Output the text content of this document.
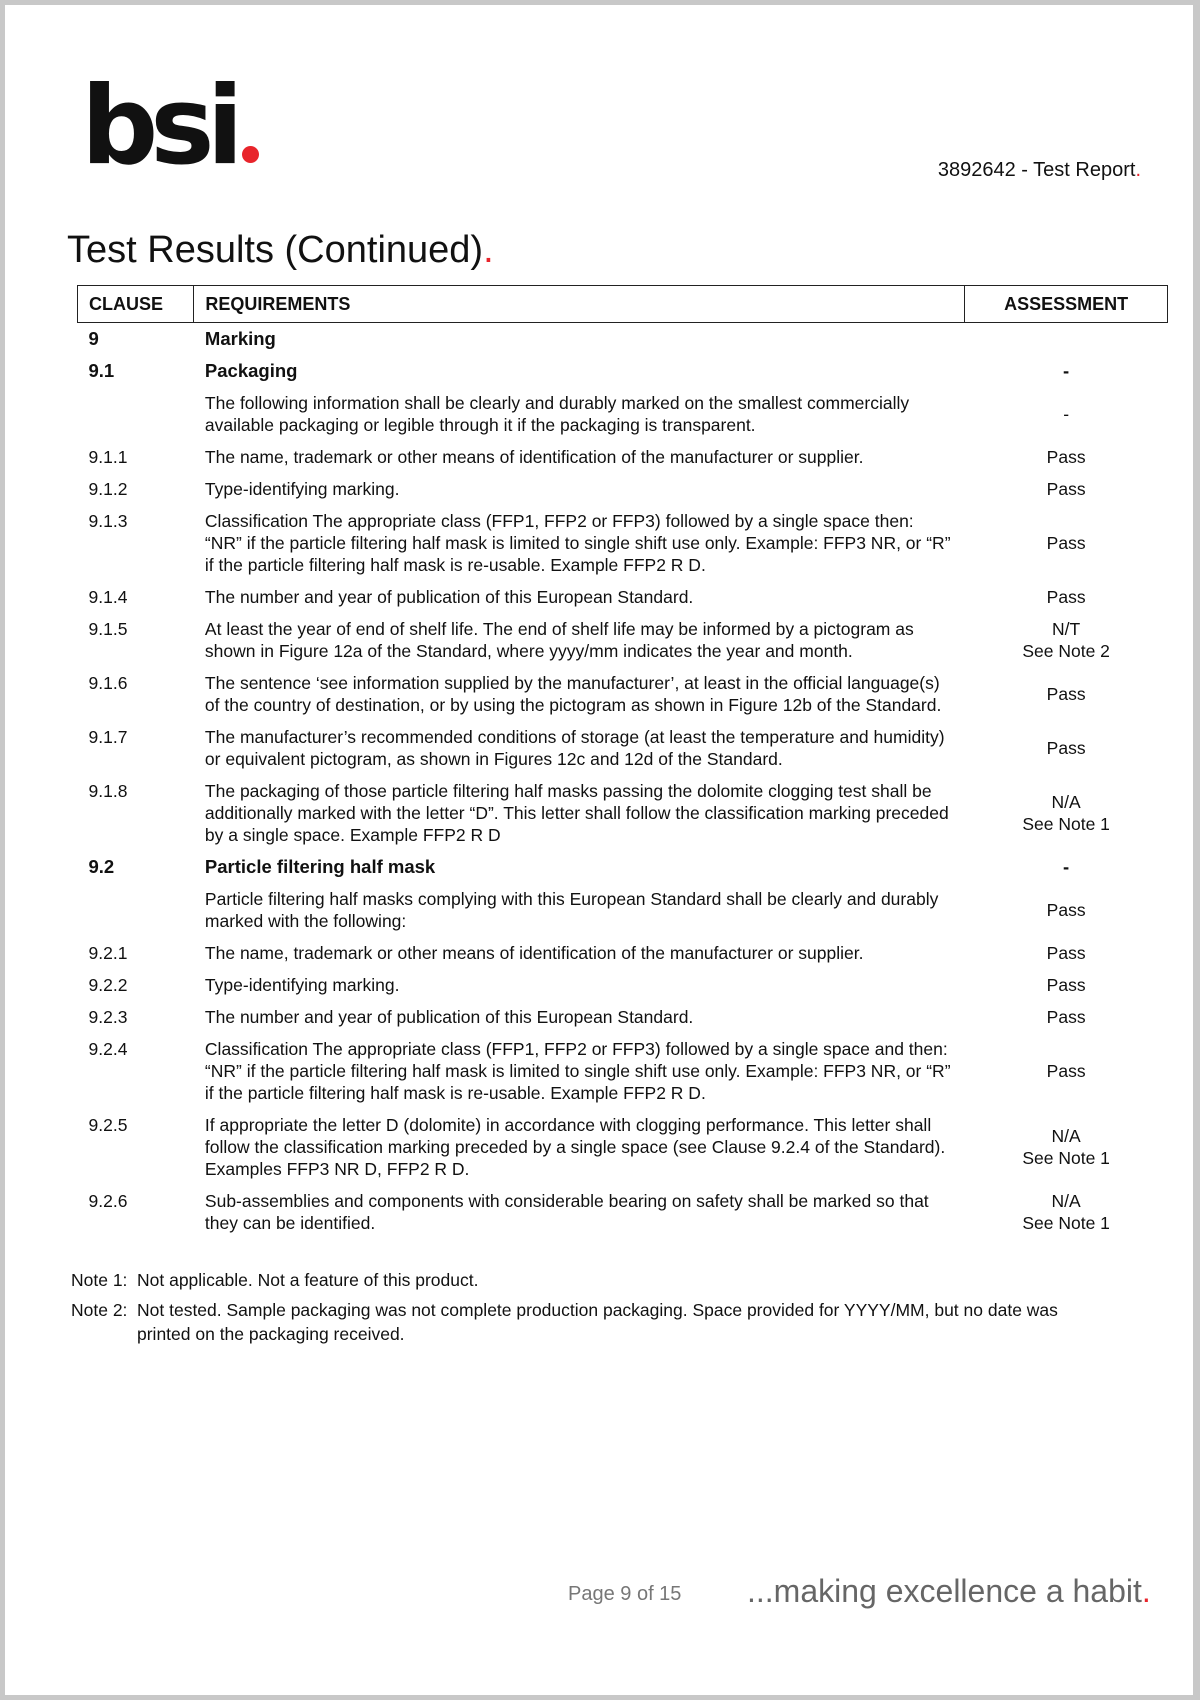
bsi	3892642 - Test Report.
Test Results (Continued).
CLAUSE	REQUIREMENTS	ASSESSMENT
9	Marking	

9.1	Packaging	-

	The following information shall be clearly and durably marked on the smallest commercially available packaging or legible through it if the packaging is transparent.	-

9.1.1	The name, trademark or other means of identification of the manufacturer or supplier.	Pass

9.1.2	Type-identifying marking.	Pass

9.1.3	Classification The appropriate class (FFP1, FFP2 or FFP3) followed by a single space then: “NR” if the particle filtering half mask is limited to single shift use only. Example: FFP3 NR, or “R” if the particle filtering half mask is re-usable. Example FFP2 R D.	Pass

9.1.4	The number and year of publication of this European Standard.	Pass

9.1.5	At least the year of end of shelf life. The end of shelf life may be informed by a pictogram as shown in Figure 12a of the Standard, where yyyy/mm indicates the year and month.	N/T
See Note 2

9.1.6	The sentence ‘see information supplied by the manufacturer’, at least in the official language(s) of the country of destination, or by using the pictogram as shown in Figure 12b of the Standard.	Pass

9.1.7	The manufacturer’s recommended conditions of storage (at least the temperature and humidity) or equivalent pictogram, as shown in Figures 12c and 12d of the Standard.	Pass

9.1.8	The packaging of those particle filtering half masks passing the dolomite clogging test shall be additionally marked with the letter “D”. This letter shall follow the classification marking preceded by a single space. Example FFP2 R D	N/A
See Note 1

9.2	Particle filtering half mask	-

	Particle filtering half masks complying with this European Standard shall be clearly and durably marked with the following:	Pass

9.2.1	The name, trademark or other means of identification of the manufacturer or supplier.	Pass

9.2.2	Type-identifying marking.	Pass

9.2.3	The number and year of publication of this European Standard.	Pass

9.2.4	Classification The appropriate class (FFP1, FFP2 or FFP3) followed by a single space and then: “NR” if the particle filtering half mask is limited to single shift use only. Example: FFP3 NR, or “R” if the particle filtering half mask is re-usable. Example FFP2 R D.	Pass

9.2.5	If appropriate the letter D (dolomite) in accordance with clogging performance. This letter shall follow the classification marking preceded by a single space (see Clause 9.2.4 of the Standard). Examples FFP3 NR D, FFP2 R D.	N/A
See Note 1

9.2.6	Sub-assemblies and components with considerable bearing on safety shall be marked so that they can be identified.	N/A
See Note 1
Note 1: Not applicable. Not a feature of this product.
Note 2: Not tested. Sample packaging was not complete production packaging. Space provided for YYYY/MM, but no date was printed on the packaging received.
Page 9 of 15 ...making excellence a habit.
